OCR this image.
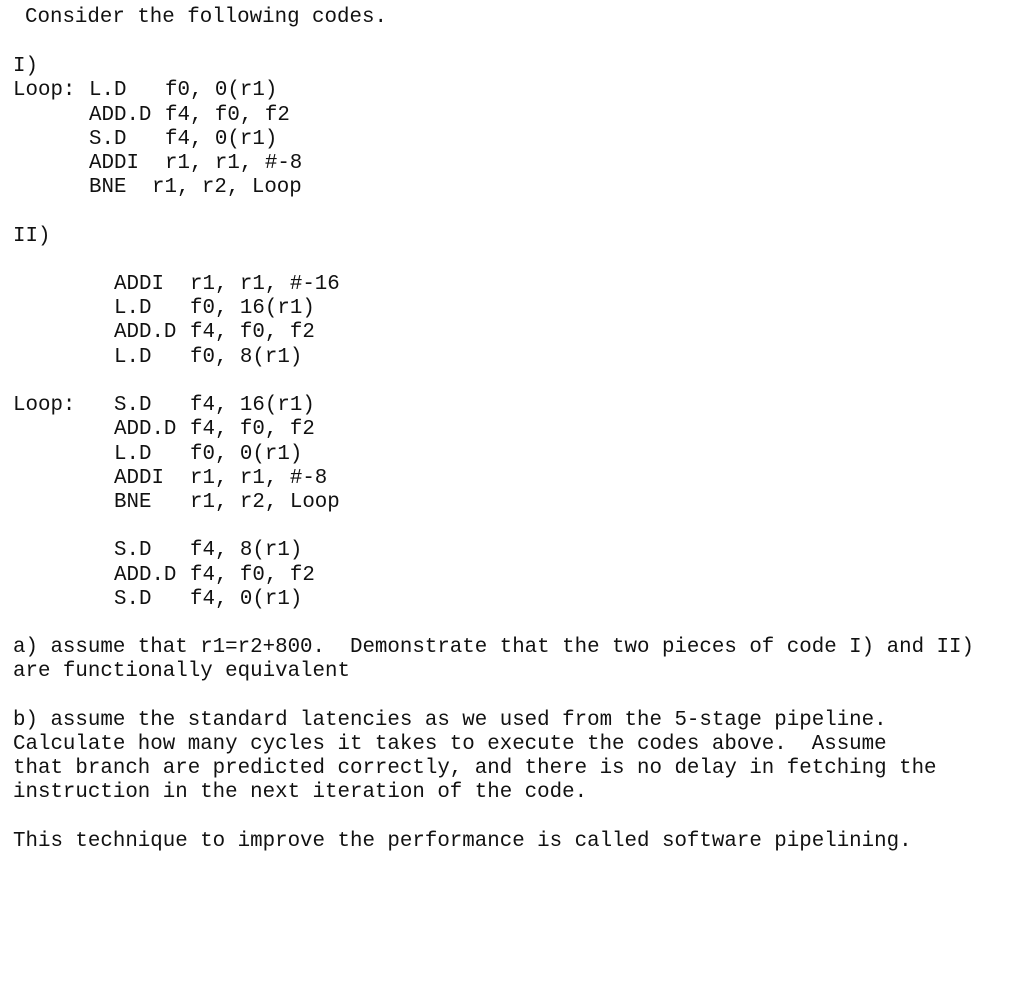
Consider the following codes.

I)

Loop: L.D f0, 0(r1)

ADD.D f4, f0, f2

S.D f4, 0(r1)

ADDI r1, r1, #-8

BNE r1, r2, Loop

II)

ADDI r1, r1, #-16

L.D f0, 16(r1)

ADD.D f4, f0, f2

L.D f0, 8(r1)

Loop: S.D f4, 16(r1)

ADD.D f4, f0, f2

L.D f0, 0(r1)

ADDI r1, r1, #-8

BNE r1, r2, Loop

S.D f4, 8(r1)

ADD.D f4, f0, f2

S.D f4, 0(r1)

a) assume that r1=r2+800.  Demonstrate that the two pieces of code I) and II)

are functionally equivalent

b) assume the standard latencies as we used from the 5-stage pipeline.

Calculate how many cycles it takes to execute the codes above.  Assume

that branch are predicted correctly, and there is no delay in fetching the

instruction in the next iteration of the code.

This technique to improve the performance is called software pipelining.
